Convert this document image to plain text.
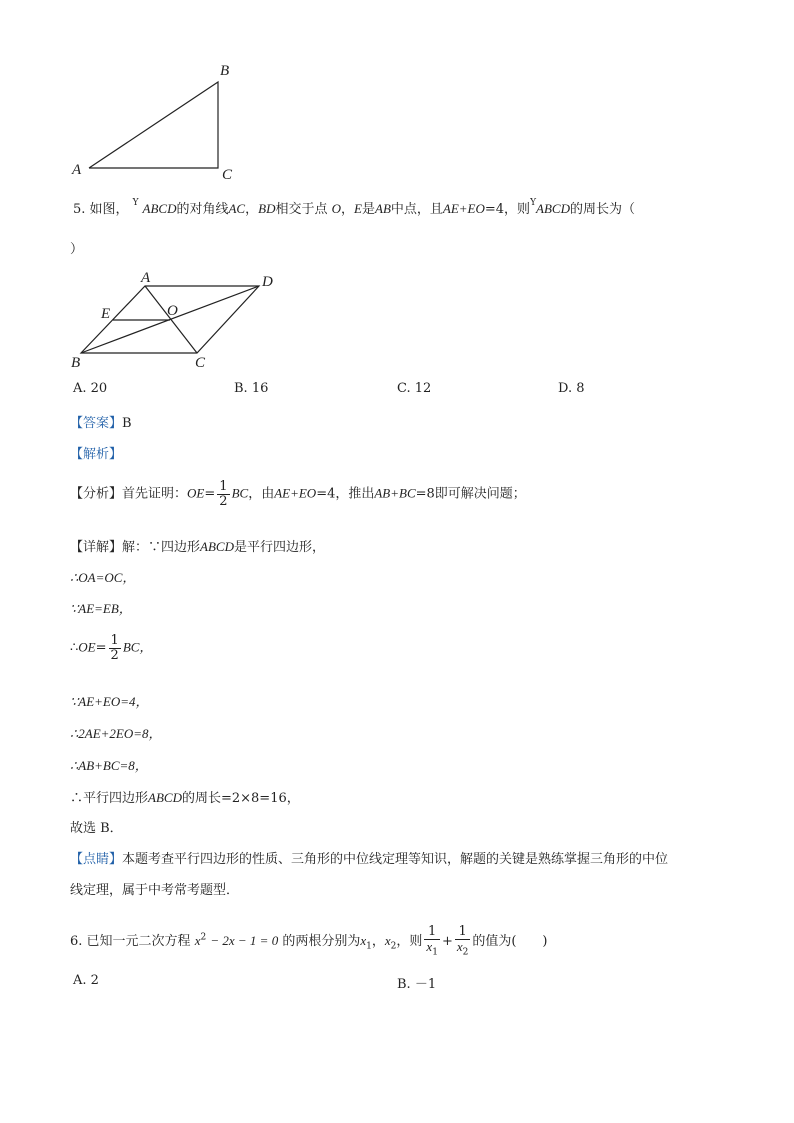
B
A	C
5. 如图， $^Y$ ABCD的对角线AC，BD相交于点 O，E是AB中点，且AE+EO=4，则$^Y$ABCD的周长为（
）
A	D
E	O
B	C
A. 20	B. 16	C. 12	D. 8
【答案】B
【解析】
【分析】首先证明：$OE= \frac{1}{2}$ BC，由AE+EO=4，推出AB+BC=8即可解决问题；
【详解】解：∵四边形ABCD是平行四边形，
∴OA=OC，
∵AE=EB，
∴OE= $\frac{1}{2}$ BC，
∵AE+EO=4，
∴2AE+2EO=8，
∴AB+BC=8，
∴平行四边形ABCD的周长=2×8=16，
故选 B．
【点睛】本题考查平行四边形的性质、三角形的中位线定理等知识，解题的关键是熟练掌握三角形的中位
线定理，属于中考常考题型．
6. 已知一元二次方程 $x^2 - 2x - 1 = 0$ 的两根分别为$x_1$，$x_2$，则 $\frac{1}{x_1} + \frac{1}{x_2}$ 的值为(　　)
A. 2	B. －1
